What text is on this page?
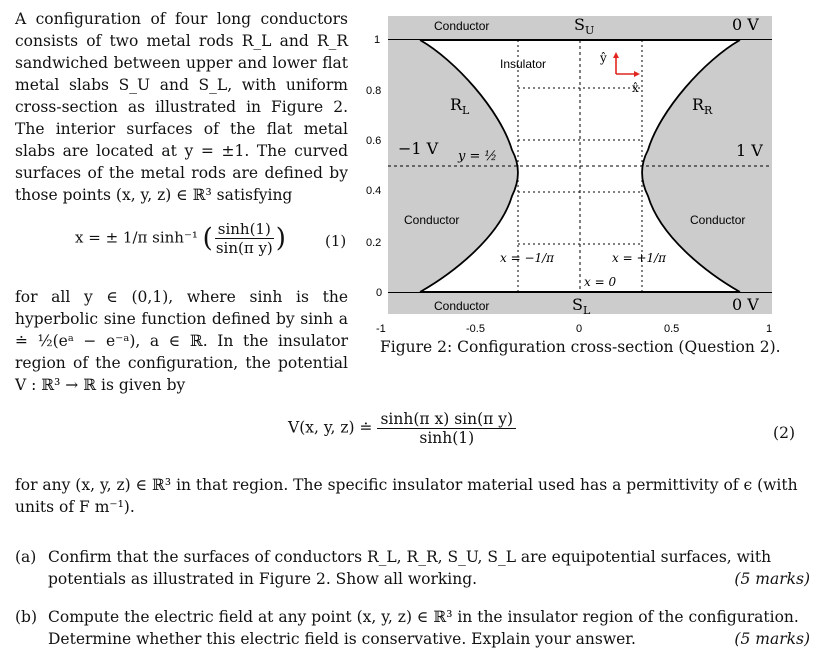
A configuration of four long conductors consists of two metal rods R_L and R_R sandwiched between upper and lower flat metal slabs S_U and S_L, with uniform cross-section as illustrated in Figure 2. The interior surfaces of the flat metal slabs are located at y = ±1. The curved surfaces of the metal rods are defined by those points (x, y, z) ∈ ℝ³ satisfying

x = ± 1/π sinh⁻¹ ( $\frac{\sinh(1)}{\text{sin(π y)}}$ )	(1)

for all y ∈ (0,1), where sinh is the hyperbolic sine function defined by sinh a ≐ ½(eᵃ − e⁻ᵃ), a ∈ ℝ. In the insulator region of the configuration, the potential V : ℝ³ → ℝ is given by

Conductor	$S_U$	0 V
Insulator	ŷ
x̂
$R_L$	$R_R$
−1 V y = ½	1 V
Conductor	Conductor
x = −1/π	x = +1/π
x = 0
Conductor	$S_L$	0 V
1
0.8
0.6
0.4
0.2
0
-1	-0.5	0	0.5	1
Figure 2: Configuration cross-section (Question 2).
V(x, y, z) ≐ $\frac{\text{sinh(π x) sin(π y)}}{\sinh(1)}$	(2)
for any (x, y, z) ∈ ℝ³ in that region. The specific insulator material used has a permittivity of ϵ (with units of F m⁻¹).
(a) Confirm that the surfaces of conductors R_L, R_R, S_U, S_L are equipotential surfaces, with potentials as illustrated in Figure 2. Show all working.	(5 marks)
(b) Compute the electric field at any point (x, y, z) ∈ ℝ³ in the insulator region of the configuration. Determine whether this electric field is conservative. Explain your answer.	(5 marks)
